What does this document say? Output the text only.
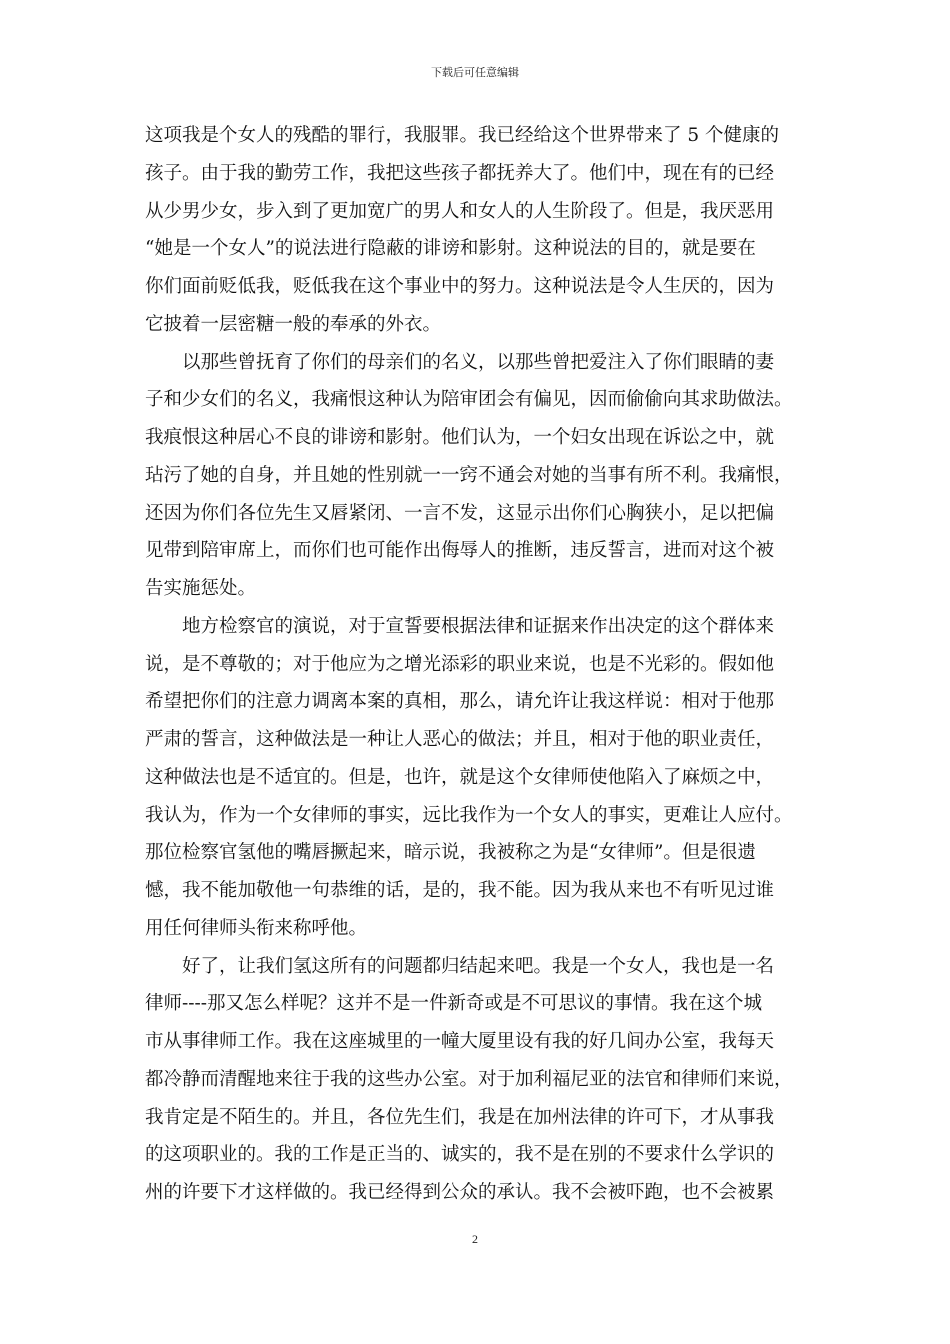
下载后可任意编辑
这项我是个女人的残酷的罪行，我服罪。我已经给这个世界带来了 5 个健康的
孩子。由于我的勤劳工作，我把这些孩子都抚养大了。他们中，现在有的已经
从少男少女，步入到了更加宽广的男人和女人的人生阶段了。但是，我厌恶用
“她是一个女人”的说法进行隐蔽的诽谤和影射。这种说法的目的，就是要在
你们面前贬低我，贬低我在这个事业中的努力。这种说法是令人生厌的，因为
它披着一层密糖一般的奉承的外衣。
以那些曾抚育了你们的母亲们的名义，以那些曾把爱注入了你们眼睛的妻
子和少女们的名义，我痛恨这种认为陪审团会有偏见，因而偷偷向其求助做法。
我痕恨这种居心不良的诽谤和影射。他们认为，一个妇女出现在诉讼之中，就
玷污了她的自身，并且她的性别就一一窍不通会对她的当事有所不利。我痛恨，
还因为你们各位先生又唇紧闭、一言不发，这显示出你们心胸狭小，足以把偏
见带到陪审席上，而你们也可能作出侮辱人的推断，违反誓言，进而对这个被
告实施惩处。
地方检察官的演说，对于宣誓要根据法律和证据来作出决定的这个群体来
说，是不尊敬的；对于他应为之增光添彩的职业来说，也是不光彩的。假如他
希望把你们的注意力调离本案的真相，那么，请允许让我这样说：相对于他那
严肃的誓言，这种做法是一种让人恶心的做法；并且，相对于他的职业责任，
这种做法也是不适宜的。但是，也许，就是这个女律师使他陷入了麻烦之中，
我认为，作为一个女律师的事实，远比我作为一个女人的事实，更难让人应付。
那位检察官氢他的嘴唇撅起来，暗示说，我被称之为是“女律师”。但是很遗
憾，我不能加敬他一句恭维的话，是的，我不能。因为我从来也不有听见过谁
用任何律师头衔来称呼他。
好了，让我们氢这所有的问题都归结起来吧。我是一个女人，我也是一名
律师----那又怎么样呢？这并不是一件新奇或是不可思议的事情。我在这个城
市从事律师工作。我在这座城里的一幢大厦里设有我的好几间办公室，我每天
都冷静而清醒地来往于我的这些办公室。对于加利福尼亚的法官和律师们来说，
我肯定是不陌生的。并且，各位先生们，我是在加州法律的许可下，才从事我
的这项职业的。我的工作是正当的、诚实的，我不是在别的不要求什么学识的
州的许要下才这样做的。我已经得到公众的承认。我不会被吓跑，也不会被累
2
